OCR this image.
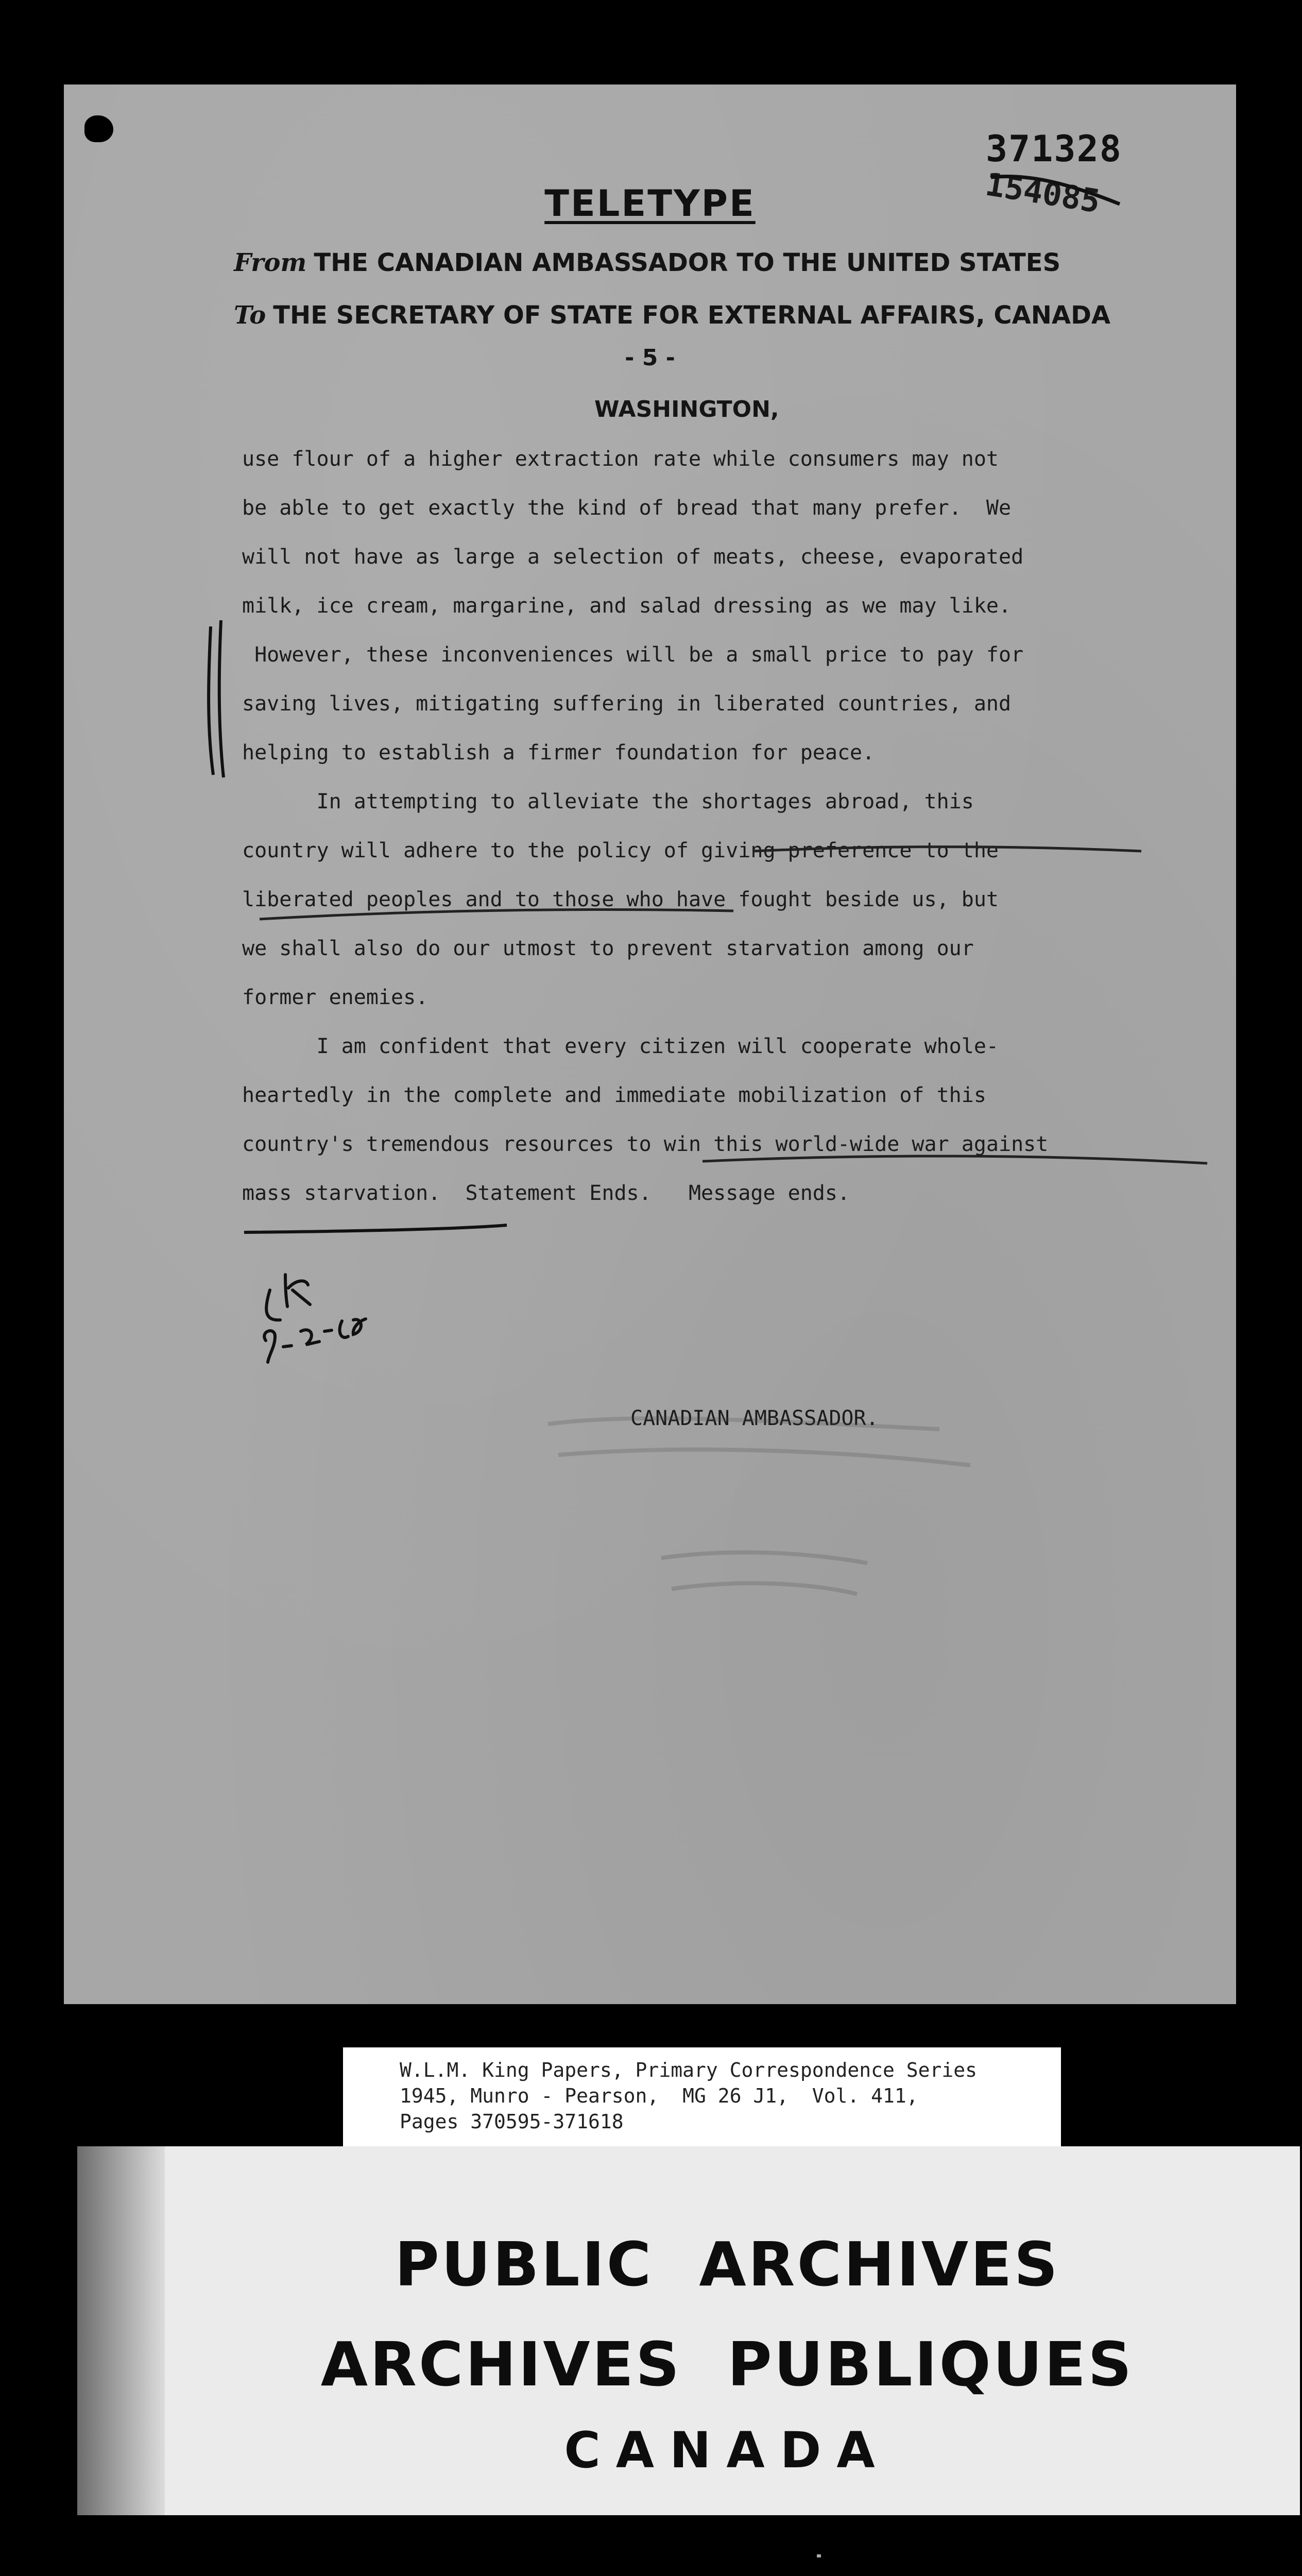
371328
154085
TELETYPE
From THE CANADIAN AMBASSADOR TO THE UNITED STATES
To THE SECRETARY OF STATE FOR EXTERNAL AFFAIRS, CANADA
- 5 -
WASHINGTON,
use flour of a higher extraction rate while consumers may not
be able to get exactly the kind of bread that many prefer.  We
will not have as large a selection of meats, cheese, evaporated
milk, ice cream, margarine, and salad dressing as we may like.
However, these inconveniences will be a small price to pay for
saving lives, mitigating suffering in liberated countries, and
helping to establish a firmer foundation for peace.
In attempting to alleviate the shortages abroad, this
country will adhere to the policy of giving preference to the
liberated peoples and to those who have fought beside us, but
we shall also do our utmost to prevent starvation among our
former enemies.
I am confident that every citizen will cooperate whole-
heartedly in the complete and immediate mobilization of this
country's tremendous resources to win this world-wide war against
mass starvation.  Statement Ends.   Message ends.
CANADIAN AMBASSADOR.
W.L.M. King Papers, Primary Correspondence Series
1945, Munro - Pearson,  MG 26 J1,  Vol. 411,
Pages 370595-371618
PUBLIC ARCHIVES
ARCHIVES PUBLIQUES
CANADA
